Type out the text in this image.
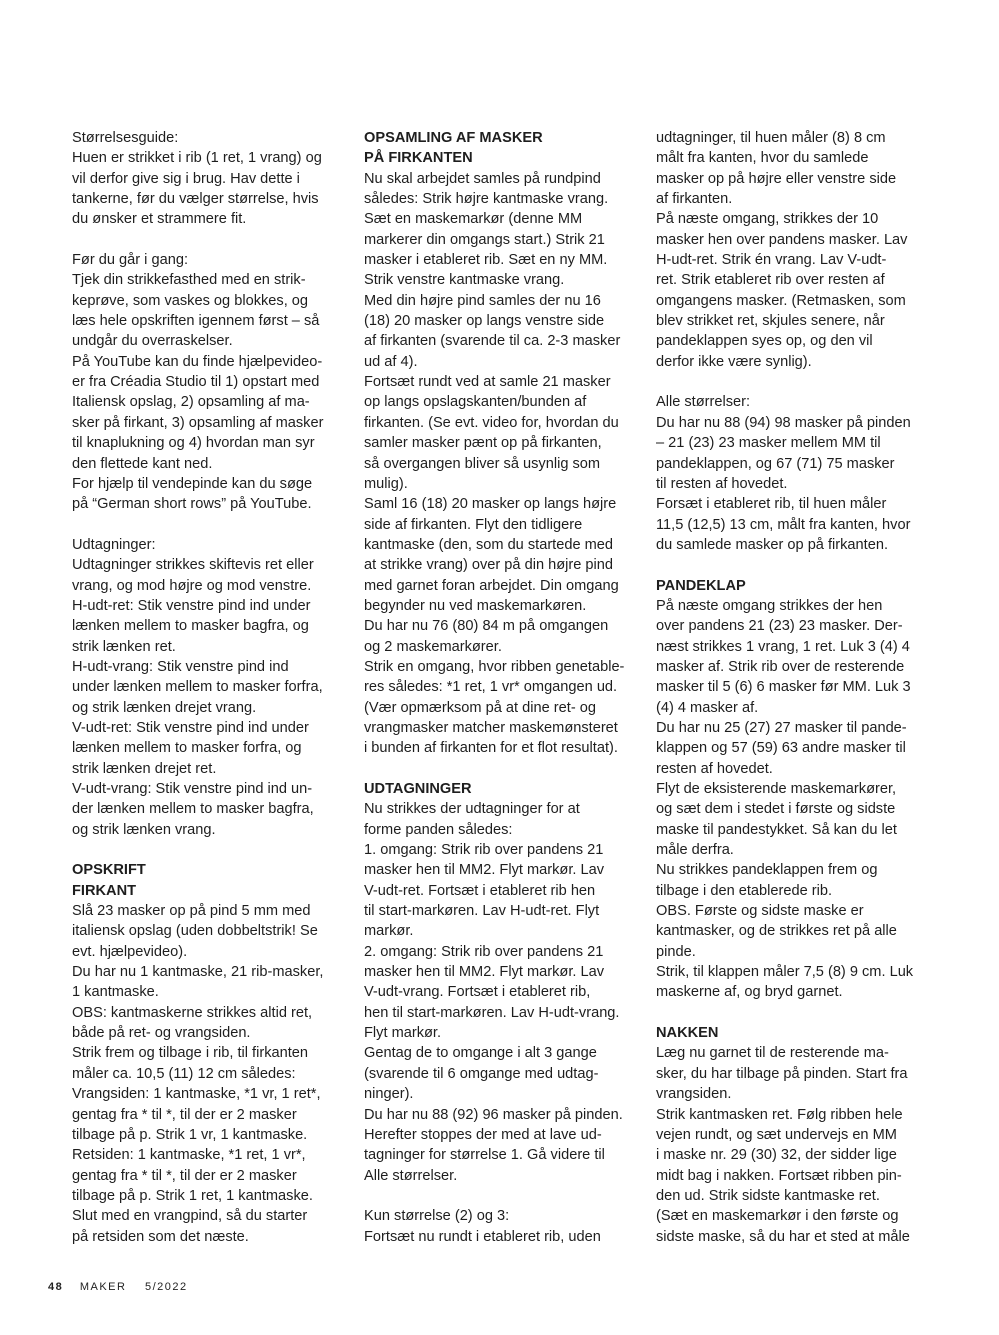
Størrelsesguide:
Huen er strikket i rib (1 ret, 1 vrang) og
vil derfor give sig i brug. Hav dette i
tankerne, før du vælger størrelse, hvis
du ønsker et strammere fit.
Før du går i gang:
Tjek din strikkefasthed med en strik-
keprøve, som vaskes og blokkes, og
læs hele opskriften igennem først – så
undgår du overraskelser.
På YouTube kan du finde hjælpevideo-
er fra Créadia Studio til 1) opstart med
Italiensk opslag, 2) opsamling af ma-
sker på firkant, 3) opsamling af masker
til knaplukning og 4) hvordan man syr
den flettede kant ned.
For hjælp til vendepinde kan du søge
på “German short rows” på YouTube.
Udtagninger:
Udtagninger strikkes skiftevis ret eller
vrang, og mod højre og mod venstre.
H-udt-ret: Stik venstre pind ind under
lænken mellem to masker bagfra, og
strik lænken ret.
H-udt-vrang: Stik venstre pind ind
under lænken mellem to masker forfra,
og strik lænken drejet vrang.
V-udt-ret: Stik venstre pind ind under
lænken mellem to masker forfra, og
strik lænken drejet ret.
V-udt-vrang: Stik venstre pind ind un-
der lænken mellem to masker bagfra,
og strik lænken vrang.
OPSKRIFT
FIRKANT
Slå 23 masker op på pind 5 mm med
italiensk opslag (uden dobbeltstrik! Se
evt. hjælpevideo).
Du har nu 1 kantmaske, 21 rib-masker,
1 kantmaske.
OBS: kantmaskerne strikkes altid ret,
både på ret- og vrangsiden.
Strik frem og tilbage i rib, til firkanten
måler ca. 10,5 (11) 12 cm således:
Vrangsiden: 1 kantmaske, *1 vr, 1 ret*,
gentag fra * til *, til der er 2 masker
tilbage på p. Strik 1 vr, 1 kantmaske.
Retsiden: 1 kantmaske, *1 ret, 1 vr*,
gentag fra * til *, til der er 2 masker
tilbage på p. Strik 1 ret, 1 kantmaske.
Slut med en vrangpind, så du starter
på retsiden som det næste.
OPSAMLING AF MASKER
PÅ FIRKANTEN
Nu skal arbejdet samles på rundpind
således: Strik højre kantmaske vrang.
Sæt en maskemarkør (denne MM
markerer din omgangs start.) Strik 21
masker i etableret rib. Sæt en ny MM.
Strik venstre kantmaske vrang.
Med din højre pind samles der nu 16
(18) 20 masker op langs venstre side
af firkanten (svarende til ca. 2-3 masker
ud af 4).
Fortsæt rundt ved at samle 21 masker
op langs opslagskanten/bunden af
firkanten. (Se evt. video for, hvordan du
samler masker pænt op på firkanten,
så overgangen bliver så usynlig som
mulig).
Saml 16 (18) 20 masker op langs højre
side af firkanten. Flyt den tidligere
kantmaske (den, som du startede med
at strikke vrang) over på din højre pind
med garnet foran arbejdet. Din omgang
begynder nu ved maskemarkøren.
Du har nu 76 (80) 84 m på omgangen
og 2 maskemarkører.
Strik en omgang, hvor ribben genetable-
res således: *1 ret, 1 vr* omgangen ud.
(Vær opmærksom på at dine ret- og
vrangmasker matcher maskemønsteret
i bunden af firkanten for et flot resultat).
UDTAGNINGER
Nu strikkes der udtagninger for at
forme panden således:
1. omgang: Strik rib over pandens 21
masker hen til MM2. Flyt markør. Lav
V-udt-ret. Fortsæt i etableret rib hen
til start-markøren. Lav H-udt-ret. Flyt
markør.
2. omgang: Strik rib over pandens 21
masker hen til MM2. Flyt markør. Lav
V-udt-vrang. Fortsæt i etableret rib,
hen til start-markøren. Lav H-udt-vrang.
Flyt markør.
Gentag de to omgange i alt 3 gange
(svarende til 6 omgange med udtag-
ninger).
Du har nu 88 (92) 96 masker på pinden.
Herefter stoppes der med at lave ud-
tagninger for størrelse 1. Gå videre til
Alle størrelser.
Kun størrelse (2) og 3:
Fortsæt nu rundt i etableret rib, uden
udtagninger, til huen måler (8) 8 cm
målt fra kanten, hvor du samlede
masker op på højre eller venstre side
af firkanten.
På næste omgang, strikkes der 10
masker hen over pandens masker. Lav
H-udt-ret. Strik én vrang. Lav V-udt-
ret. Strik etableret rib over resten af
omgangens masker. (Retmasken, som
blev strikket ret, skjules senere, når
pandeklappen syes op, og den vil
derfor ikke være synlig).
Alle størrelser:
Du har nu 88 (94) 98 masker på pinden
– 21 (23) 23 masker mellem MM til
pandeklappen, og 67 (71) 75 masker
til resten af hovedet.
Forsæt i etableret rib, til huen måler
11,5 (12,5) 13 cm, målt fra kanten, hvor
du samlede masker op på firkanten.
PANDEKLAP
På næste omgang strikkes der hen
over pandens 21 (23) 23 masker. Der-
næst strikkes 1 vrang, 1 ret. Luk 3 (4) 4
masker af. Strik rib over de resterende
masker til 5 (6) 6 masker før MM. Luk 3
(4) 4 masker af.
Du har nu 25 (27) 27 masker til pande-
klappen og 57 (59) 63 andre masker til
resten af hovedet.
Flyt de eksisterende maskemarkører,
og sæt dem i stedet i første og sidste
maske til pandestykket. Så kan du let
måle derfra.
Nu strikkes pandeklappen frem og
tilbage i den etablerede rib.
OBS. Første og sidste maske er
kantmasker, og de strikkes ret på alle
pinde.
Strik, til klappen måler 7,5 (8) 9 cm. Luk
maskerne af, og bryd garnet.
NAKKEN
Læg nu garnet til de resterende ma-
sker, du har tilbage på pinden. Start fra
vrangsiden.
Strik kantmasken ret. Følg ribben hele
vejen rundt, og sæt undervejs en MM
i maske nr. 29 (30) 32, der sidder lige
midt bag i nakken. Fortsæt ribben pin-
den ud. Strik sidste kantmaske ret.
(Sæt en maskemarkør i den første og
sidste maske, så du har et sted at måle
48 MAKER 5/2022
